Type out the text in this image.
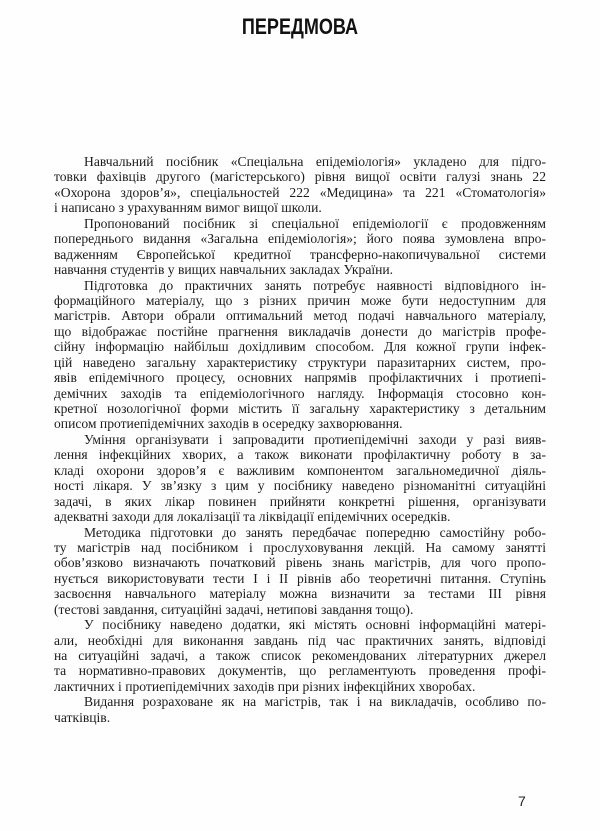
ПЕРЕДМОВА
Навчальний посібник «Спеціальна епідеміологія» укладено для підго-
товки фахівців другого (магістерського) рівня вищої освіти галузі знань 22
«Охорона здоров’я», спеціальностей 222 «Медицина» та 221 «Стоматологія»
і написано з урахуванням вимог вищої школи.
Пропонований посібник зі спеціальної епідеміології є продовженням
попереднього видання «Загальна епідеміологія»; його поява зумовлена впро-
вадженням Європейської кредитної трансферно-накопичувальної системи
навчання студентів у вищих навчальних закладах України.
Підготовка до практичних занять потребує наявності відповідного ін-
формаційного матеріалу, що з різних причин може бути недоступним для
магістрів. Автори обрали оптимальний метод подачі навчального матеріалу,
що відображає постійне прагнення викладачів донести до магістрів профе-
сійну інформацію найбільш дохідливим способом. Для кожної групи інфек-
цій наведено загальну характеристику структури паразитарних систем, про-
явів епідемічного процесу, основних напрямів профілактичних і протиепі-
демічних заходів та епідеміологічного нагляду. Інформація стосовно кон-
кретної нозологічної форми містить її загальну характеристику з детальним
описом протиепідемічних заходів в осередку захворювання.
Уміння організувати і запровадити протиепідемічні заходи у разі вияв-
лення інфекційних хворих, а також виконати профілактичну роботу в за-
кладі охорони здоров’я є важливим компонентом загальномедичної діяль-
ності лікаря. У зв’язку з цим у посібнику наведено різноманітні ситуаційні
задачі, в яких лікар повинен прийняти конкретні рішення, організувати
адекватні заходи для локалізації та ліквідації епідемічних осередків.
Методика підготовки до занять передбачає попередню самостійну робо-
ту магістрів над посібником і прослуховування лекцій. На самому занятті
обов’язково визначають початковий рівень знань магістрів, для чого пропо-
нується використовувати тести І і ІІ рівнів або теоретичні питання. Ступінь
засвоєння навчального матеріалу можна визначити за тестами ІІІ рівня
(тестові завдання, ситуаційні задачі, нетипові завдання тощо).
У посібнику наведено додатки, які містять основні інформаційні матері-
али, необхідні для виконання завдань під час практичних занять, відповіді
на ситуаційні задачі, а також список рекомендованих літературних джерел
та нормативно-правових документів, що регламентують проведення профі-
лактичних і протиепідемічних заходів при різних інфекційних хворобах.
Видання розраховане як на магістрів, так і на викладачів, особливо по-
чатківців.
7
